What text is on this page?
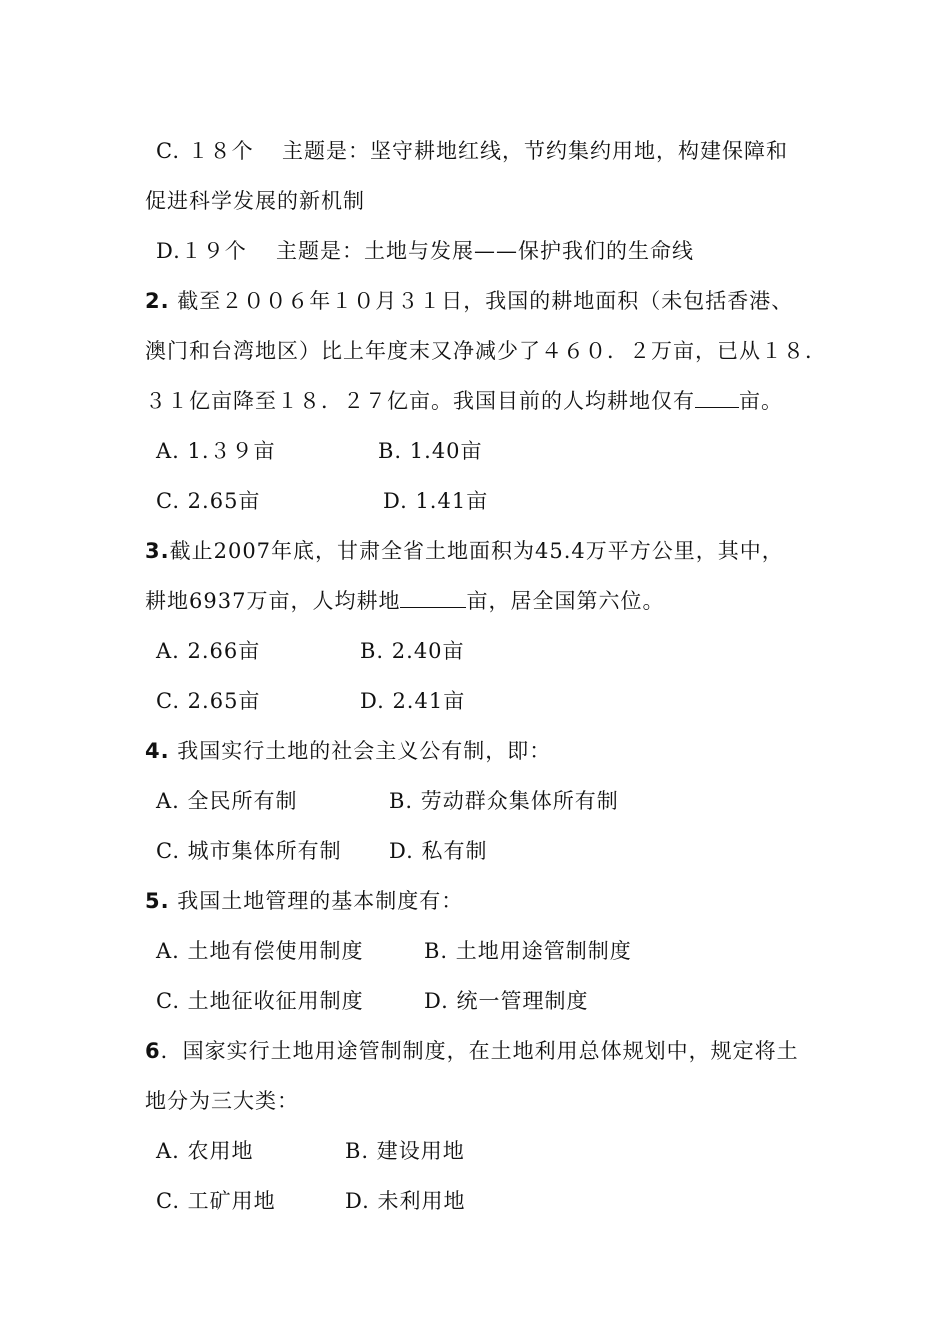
C. １８个 主题是：坚守耕地红线，节约集约用地，构建保障和
促进科学发展的新机制
D.１９个 主题是：土地与发展——保护我们的生命线
2. 截至２００６年１０月３１日，我国的耕地面积（未包括香港、
澳门和台湾地区）比上年度末又净减少了４６０．２万亩，已从１８．
３１亿亩降至１８．２７亿亩。我国目前的人均耕地仅有 亩。
A. 1.３９亩	B. 1.40亩
C. 2.65亩	D. 1.41亩
3.截止2007年底，甘肃全省土地面积为45.4万平方公里，其中，
耕地6937万亩，人均耕地	亩，居全国第六位。
A. 2.66亩	B. 2.40亩
C. 2.65亩	D. 2.41亩
4. 我国实行土地的社会主义公有制，即：
A. 全民所有制	B. 劳动群众集体所有制
C. 城市集体所有制 D. 私有制
5. 我国土地管理的基本制度有：
A. 土地有偿使用制度	B. 土地用途管制制度
C. 土地征收征用制度	D. 统一管理制度
6．国家实行土地用途管制制度，在土地利用总体规划中，规定将土
地分为三大类：
A. 农用地	B. 建设用地
C. 工矿用地	D. 未利用地
